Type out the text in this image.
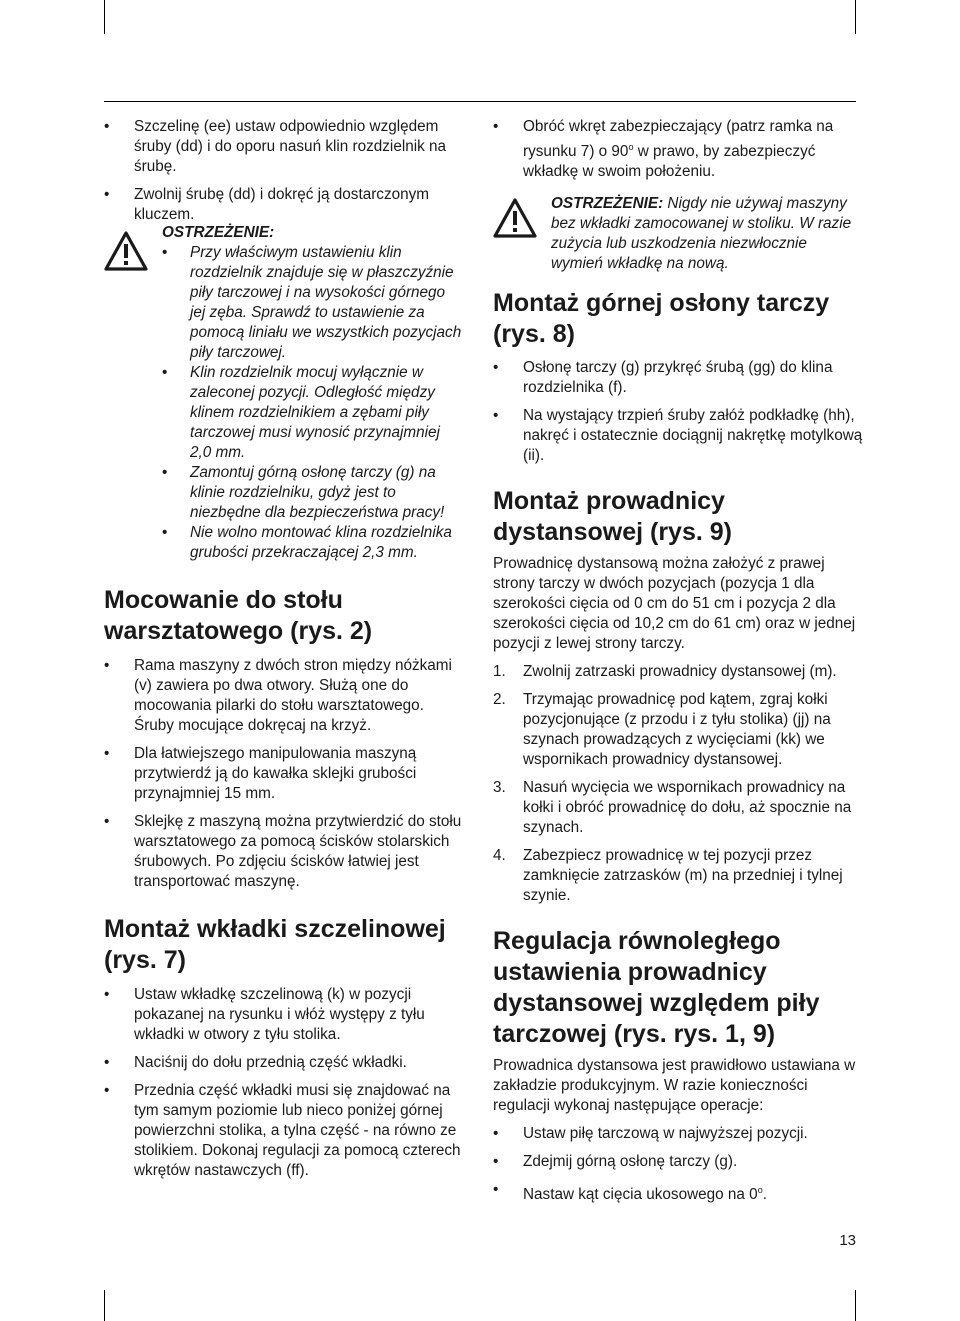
• Szczelinę (ee) ustaw odpowiednio względem śruby (dd) i do oporu nasuń klin rozdzielnik na śrubę.
• Zwolnij śrubę (dd) i dokręć ją dostarczonym kluczem.
OSTRZEŻENIE:
• Przy właściwym ustawieniu klin rozdzielnik znajduje się w płaszczyźnie piły tarczowej i na wysokości górnego jej zęba. Sprawdź to ustawienie za pomocą liniału we wszystkich pozycjach piły tarczowej.
• Klin rozdzielnik mocuj wyłącznie w zaleconej pozycji. Odległość między klinem rozdzielnikiem a zębami piły tarczowej musi wynosić przynajmniej 2,0 mm.
• Zamontuj górną osłonę tarczy (g) na klinie rozdzielniku, gdyż jest to niezbędne dla bezpieczeństwa pracy!
• Nie wolno montować klina rozdzielnika grubości przekraczającej 2,3 mm.
Mocowanie do stołu warsztatowego (rys. 2)
• Rama maszyny z dwóch stron między nóżkami (v) zawiera po dwa otwory. Służą one do mocowania pilarki do stołu warsztatowego. Śruby mocujące dokręcaj na krzyż.
• Dla łatwiejszego manipulowania maszyną przytwierdź ją do kawałka sklejki grubości przynajmniej 15 mm.
• Sklejkę z maszyną można przytwierdzić do stołu warsztatowego za pomocą ścisków stolarskich śrubowych. Po zdjęciu ścisków łatwiej jest transportować maszynę.
Montaż wkładki szczelinowej (rys. 7)
• Ustaw wkładkę szczelinową (k) w pozycji pokazanej na rysunku i włóż występy z tyłu wkładki w otwory z tyłu stolika.
• Naciśnij do dołu przednią część wkładki.
• Przednia część wkładki musi się znajdować na tym samym poziomie lub nieco poniżej górnej powierzchni stolika, a tylna część - na równo ze stolikiem. Dokonaj regulacji za pomocą czterech wkrętów nastawczych (ff).
• Obróć wkręt zabezpieczający (patrz ramka na rysunku 7) o 90$^o$ w prawo, by zabezpieczyć wkładkę w swoim położeniu.
OSTRZEŻENIE: Nigdy nie używaj maszyny bez wkładki zamocowanej w stoliku. W razie zużycia lub uszkodzenia niezwłocznie wymień wkładkę na nową.
Montaż górnej osłony tarczy (rys. 8)
• Osłonę tarczy (g) przykręć śrubą (gg) do klina rozdzielnika (f).
• Na wystający trzpień śruby załóż podkładkę (hh), nakręć i ostatecznie dociągnij nakrętkę motylkową (ii).
Montaż prowadnicy dystansowej (rys. 9)

Prowadnicę dystansową można założyć z prawej strony tarczy w dwóch pozycjach (pozycja 1 dla szerokości cięcia od 0 cm do 51 cm i pozycja 2 dla szerokości cięcia od 10,2 cm do 61 cm) oraz w jednej pozycji z lewej strony tarczy.

1. Zwolnij zatrzaski prowadnicy dystansowej (m).
2. Trzymając prowadnicę pod kątem, zgraj kołki pozycjonujące (z przodu i z tyłu stolika) (jj) na szynach prowadzących z wycięciami (kk) we wspornikach prowadnicy dystansowej.
3. Nasuń wycięcia we wspornikach prowadnicy na kołki i obróć prowadnicę do dołu, aż spocznie na szynach.
4. Zabezpiecz prowadnicę w tej pozycji przez zamknięcie zatrzasków (m) na przedniej i tylnej szynie.
Regulacja równoległego ustawienia prowadnicy dystansowej względem piły tarczowej (rys. rys. 1, 9)

Prowadnica dystansowa jest prawidłowo ustawiana w zakładzie produkcyjnym. W razie konieczności regulacji wykonaj następujące operacje:

• Ustaw piłę tarczową w najwyższej pozycji.
• Zdejmij górną osłonę tarczy (g).
• Nastaw kąt cięcia ukosowego na 0$^o$.
13
